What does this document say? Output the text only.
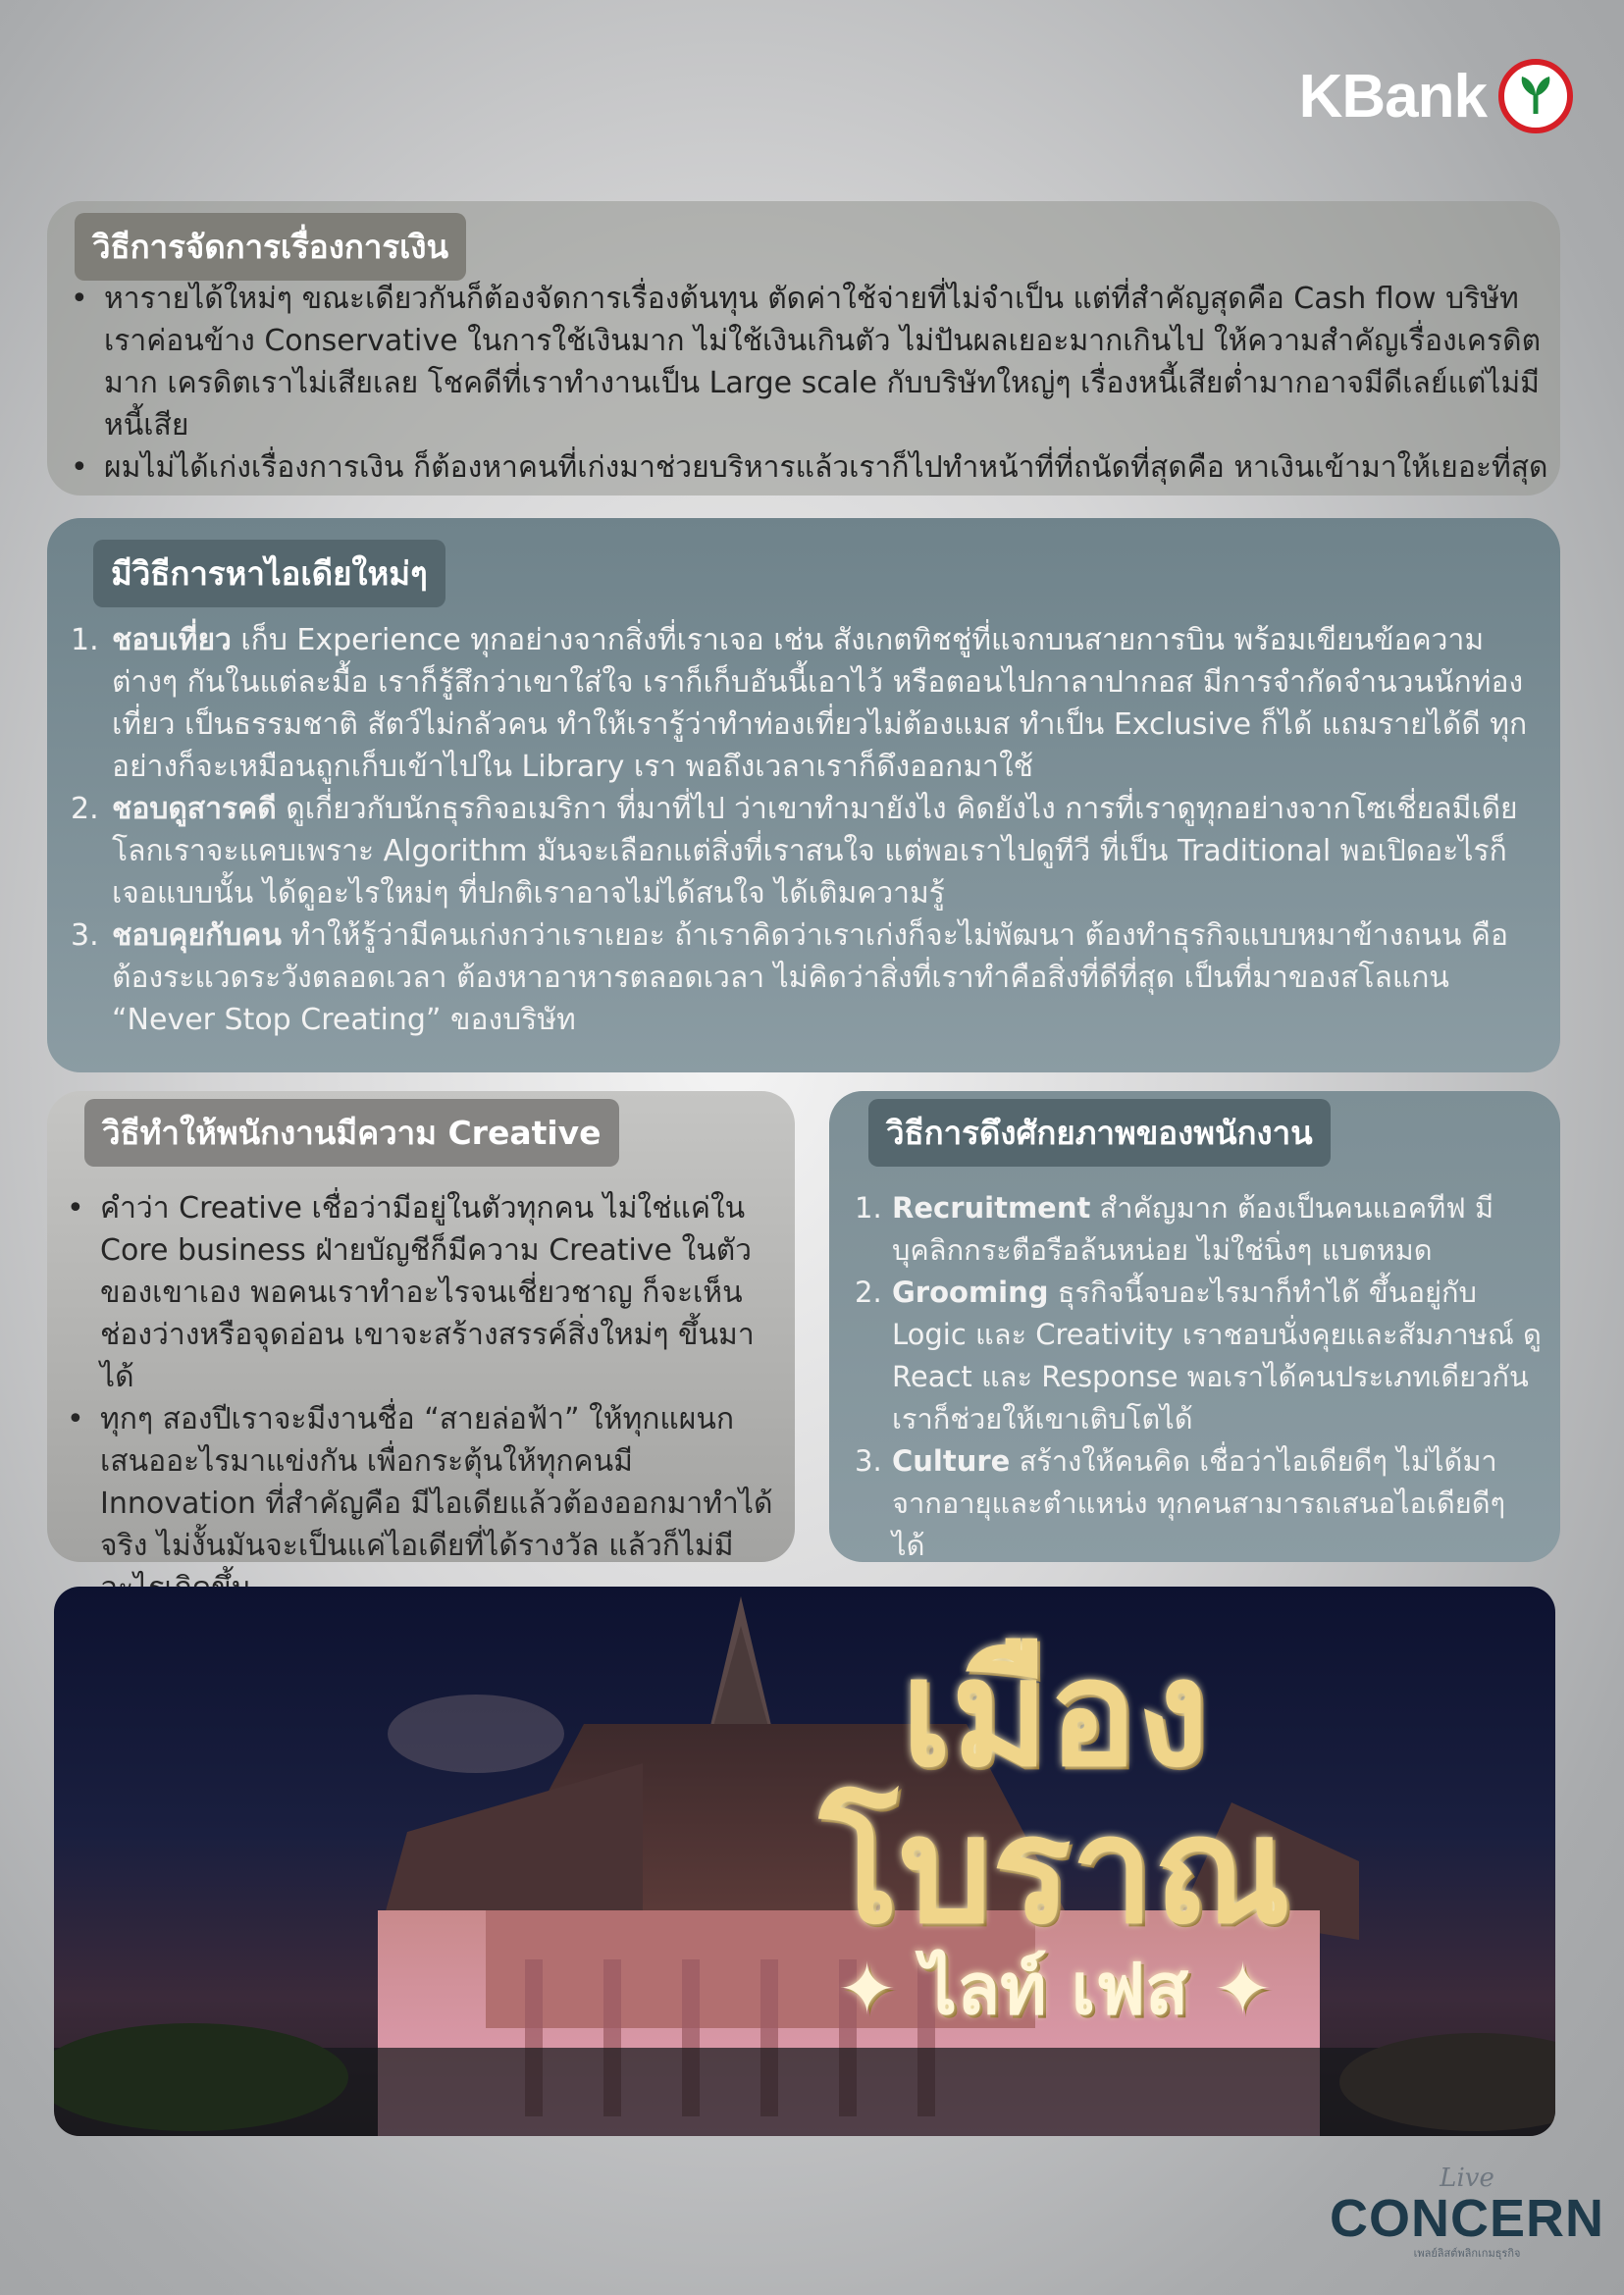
KBank
วิธีการจัดการเรื่องการเงิน
• หารายได้ใหม่ๆ ขณะเดียวกันก็ต้องจัดการเรื่องต้นทุน ตัดค่าใช้จ่ายที่ไม่จำเป็น แต่ที่สำคัญสุดคือ Cash flow บริษัทเราค่อนข้าง Conservative ในการใช้เงินมาก ไม่ใช้เงินเกินตัว ไม่ปันผลเยอะมากเกินไป ให้ความสำคัญเรื่องเครดิตมาก เครดิตเราไม่เสียเลย โชคดีที่เราทำงานเป็น Large scale กับบริษัทใหญ่ๆ เรื่องหนี้เสียต่ำมากอาจมีดีเลย์แต่ไม่มีหนี้เสีย
• ผมไม่ได้เก่งเรื่องการเงิน ก็ต้องหาคนที่เก่งมาช่วยบริหารแล้วเราก็ไปทำหน้าที่ที่ถนัดที่สุดคือ หาเงินเข้ามาให้เยอะที่สุด
มีวิธีการหาไอเดียใหม่ๆ
1. ชอบเที่ยว เก็บ Experience ทุกอย่างจากสิ่งที่เราเจอ เช่น สังเกตทิชชู่ที่แจกบนสายการบิน พร้อมเขียนข้อความต่างๆ กันในแต่ละมื้อ เราก็รู้สึกว่าเขาใส่ใจ เราก็เก็บอันนี้เอาไว้ หรือตอนไปกาลาปากอส มีการจำกัดจำนวนนักท่องเที่ยว เป็นธรรมชาติ สัตว์ไม่กลัวคน ทำให้เรารู้ว่าทำท่องเที่ยวไม่ต้องแมส ทำเป็น Exclusive ก็ได้ แถมรายได้ดี ทุกอย่างก็จะเหมือนถูกเก็บเข้าไปใน Library เรา พอถึงเวลาเราก็ดึงออกมาใช้
2. ชอบดูสารคดี ดูเกี่ยวกับนักธุรกิจอเมริกา ที่มาที่ไป ว่าเขาทำมายังไง คิดยังไง การที่เราดูทุกอย่างจากโซเชี่ยลมีเดีย โลกเราจะแคบเพราะ Algorithm มันจะเลือกแต่สิ่งที่เราสนใจ แต่พอเราไปดูทีวี ที่เป็น Traditional พอเปิดอะไรก็เจอแบบนั้น ได้ดูอะไรใหม่ๆ ที่ปกติเราอาจไม่ได้สนใจ ได้เติมความรู้
3. ชอบคุยกับคน ทำให้รู้ว่ามีคนเก่งกว่าเราเยอะ ถ้าเราคิดว่าเราเก่งก็จะไม่พัฒนา ต้องทำธุรกิจแบบหมาข้างถนน คือ ต้องระแวดระวังตลอดเวลา ต้องหาอาหารตลอดเวลา ไม่คิดว่าสิ่งที่เราทำคือสิ่งที่ดีที่สุด เป็นที่มาของสโลแกน “Never Stop Creating” ของบริษัท
วิธีทำให้พนักงานมีความ Creative
• คำว่า Creative เชื่อว่ามีอยู่ในตัวทุกคน ไม่ใช่แค่ใน Core business ฝ่ายบัญชีก็มีความ Creative ในตัวของเขาเอง พอคนเราทำอะไรจนเชี่ยวชาญ ก็จะเห็นช่องว่างหรือจุดอ่อน เขาจะสร้างสรรค์สิ่งใหม่ๆ ขึ้นมาได้
• ทุกๆ สองปีเราจะมีงานชื่อ “สายล่อฟ้า” ให้ทุกแผนกเสนออะไรมาแข่งกัน เพื่อกระตุ้นให้ทุกคนมี Innovation ที่สำคัญคือ มีไอเดียแล้วต้องออกมาทำได้จริง ไม่งั้นมันจะเป็นแค่ไอเดียที่ได้รางวัล แล้วก็ไม่มี
วิธีการดึงศักยภาพของพนักงาน
1. Recruitment สำคัญมาก ต้องเป็นคนแอคทีฟ มีบุคลิกกระตือรือล้นหน่อย ไม่ใช่นิ่งๆ แบตหมด
2. Grooming ธุรกิจนี้จบอะไรมาก็ทำได้ ขึ้นอยู่กับ Logic และ Creativity เราชอบนั่งคุยและสัมภาษณ์ ดู React และ Response พอเราได้คนประเภทเดียวกันเราก็ช่วยให้เขาเติบโตได้
3. Culture สร้างให้คนคิด เชื่อว่าไอเดียดีๆ ไม่ได้มาจากอายุและตำแหน่ง ทุกคนสามารถเสนอไอเดียดีๆ ได้
เมือง
โบราณ
✦ ไลท์ เฟส ✦
Live
CONCERN
เพลย์ลิสต์พลิกเกมธุรกิจ
